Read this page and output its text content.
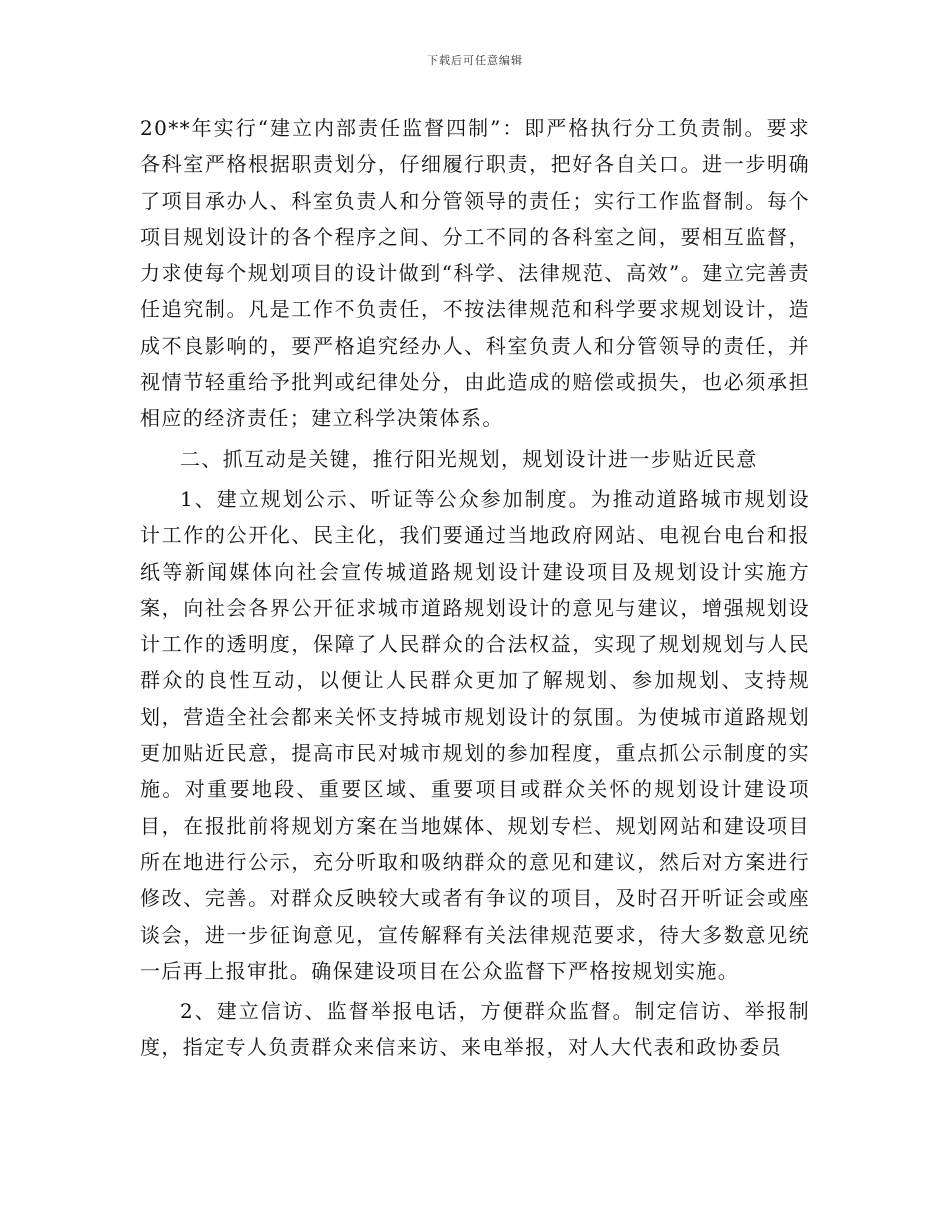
下载后可任意编辑

20**年实行“建立内部责任监督四制”：即严格执行分工负责制。要求各科室严格根据职责划分，仔细履行职责，把好各自关口。进一步明确了项目承办人、科室负责人和分管领导的责任；实行工作监督制。每个项目规划设计的各个程序之间、分工不同的各科室之间，要相互监督，力求使每个规划项目的设计做到“科学、法律规范、高效”。建立完善责任追究制。凡是工作不负责任，不按法律规范和科学要求规划设计，造成不良影响的，要严格追究经办人、科室负责人和分管领导的责任，并视情节轻重给予批判或纪律处分，由此造成的赔偿或损失，也必须承担相应的经济责任；建立科学决策体系。

二、抓互动是关键，推行阳光规划，规划设计进一步贴近民意

1、建立规划公示、听证等公众参加制度。为推动道路城市规划设计工作的公开化、民主化，我们要通过当地政府网站、电视台电台和报纸等新闻媒体向社会宣传城道路规划设计建设项目及规划设计实施方案，向社会各界公开征求城市道路规划设计的意见与建议，增强规划设计工作的透明度，保障了人民群众的合法权益，实现了规划规划与人民群众的良性互动，以便让人民群众更加了解规划、参加规划、支持规划，营造全社会都来关怀支持城市规划设计的氛围。为使城市道路规划更加贴近民意，提高市民对城市规划的参加程度，重点抓公示制度的实施。对重要地段、重要区域、重要项目或群众关怀的规划设计建设项目，在报批前将规划方案在当地媒体、规划专栏、规划网站和建设项目所在地进行公示，充分听取和吸纳群众的意见和建议，然后对方案进行修改、完善。对群众反映较大或者有争议的项目，及时召开听证会或座谈会，进一步征询意见，宣传解释有关法律规范要求，待大多数意见统一后再上报审批。确保建设项目在公众监督下严格按规划实施。

2、建立信访、监督举报电话，方便群众监督。制定信访、举报制度，指定专人负责群众来信来访、来电举报，对人大代表和政协委员
